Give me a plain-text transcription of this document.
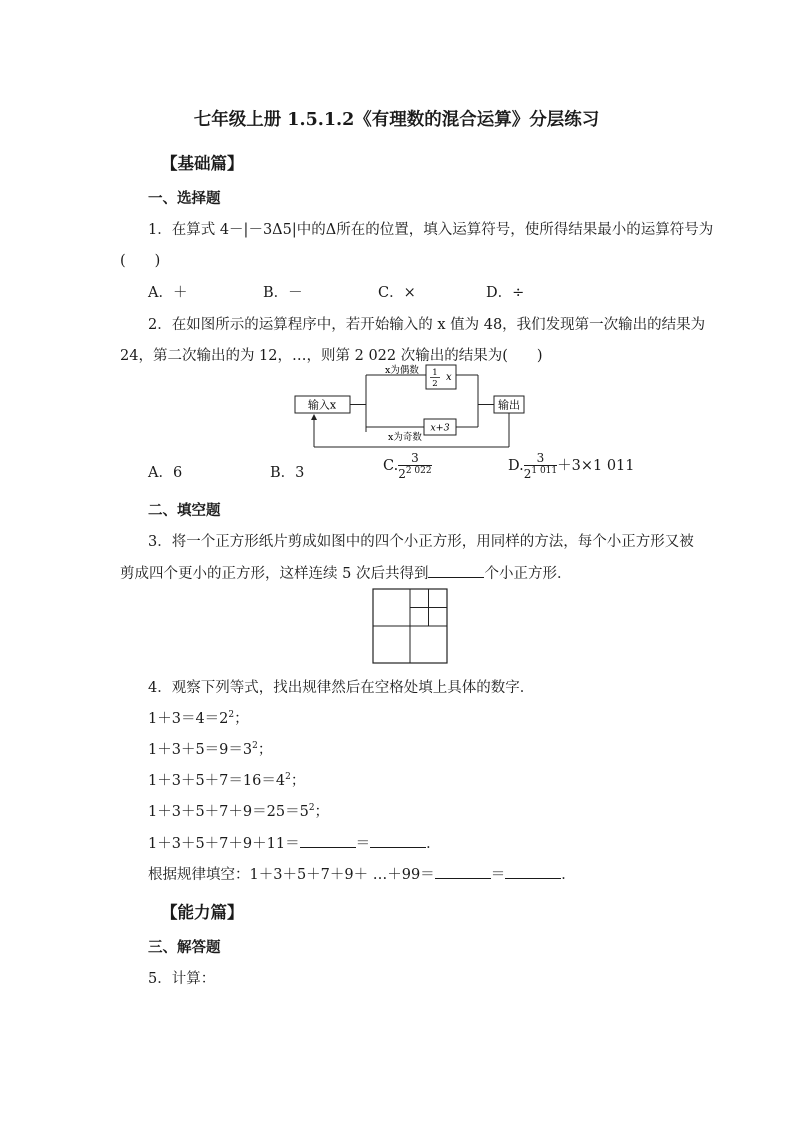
七年级上册 1.5.1.2《有理数的混合运算》分层练习
【基础篇】
一、选择题
1．在算式 4－|－3Δ5|中的Δ所在的位置，填入运算符号，使所得结果最小的运算符号为
(　　)
A．＋	B．－	C．×	D．÷
2．在如图所示的运算程序中，若开始输入的 x 值为 48，我们发现第一次输出的结果为
24，第二次输出的为 12，…，则第 2 022 次输出的结果为(　　)
输入x
x为偶数 1
2
x
x为奇数
x+3
输出
A．6	B．3	C. $\frac{3}{2^{2 022}}$	D. $\frac{3}{2^{1 011}} +3\times 1$ 011
二、填空题
3．将一个正方形纸片剪成如图中的四个小正方形，用同样的方法，每个小正方形又被
剪成四个更小的正方形，这样连续 5 次后共得到	个小正方形．
4．观察下列等式，找出规律然后在空格处填上具体的数字．
$1+3=4=2^2$；
$1+3+5=9=3^2$；
$1+3+5+7=16=4^2$；
$1+3+5+7+9=25=5^2$；
1＋3＋5＋7＋9＋11＝	＝	．
根据规律填空：1＋3＋5＋7＋9＋ …＋99＝	＝	．
【能力篇】
三、解答题
5．计算：
